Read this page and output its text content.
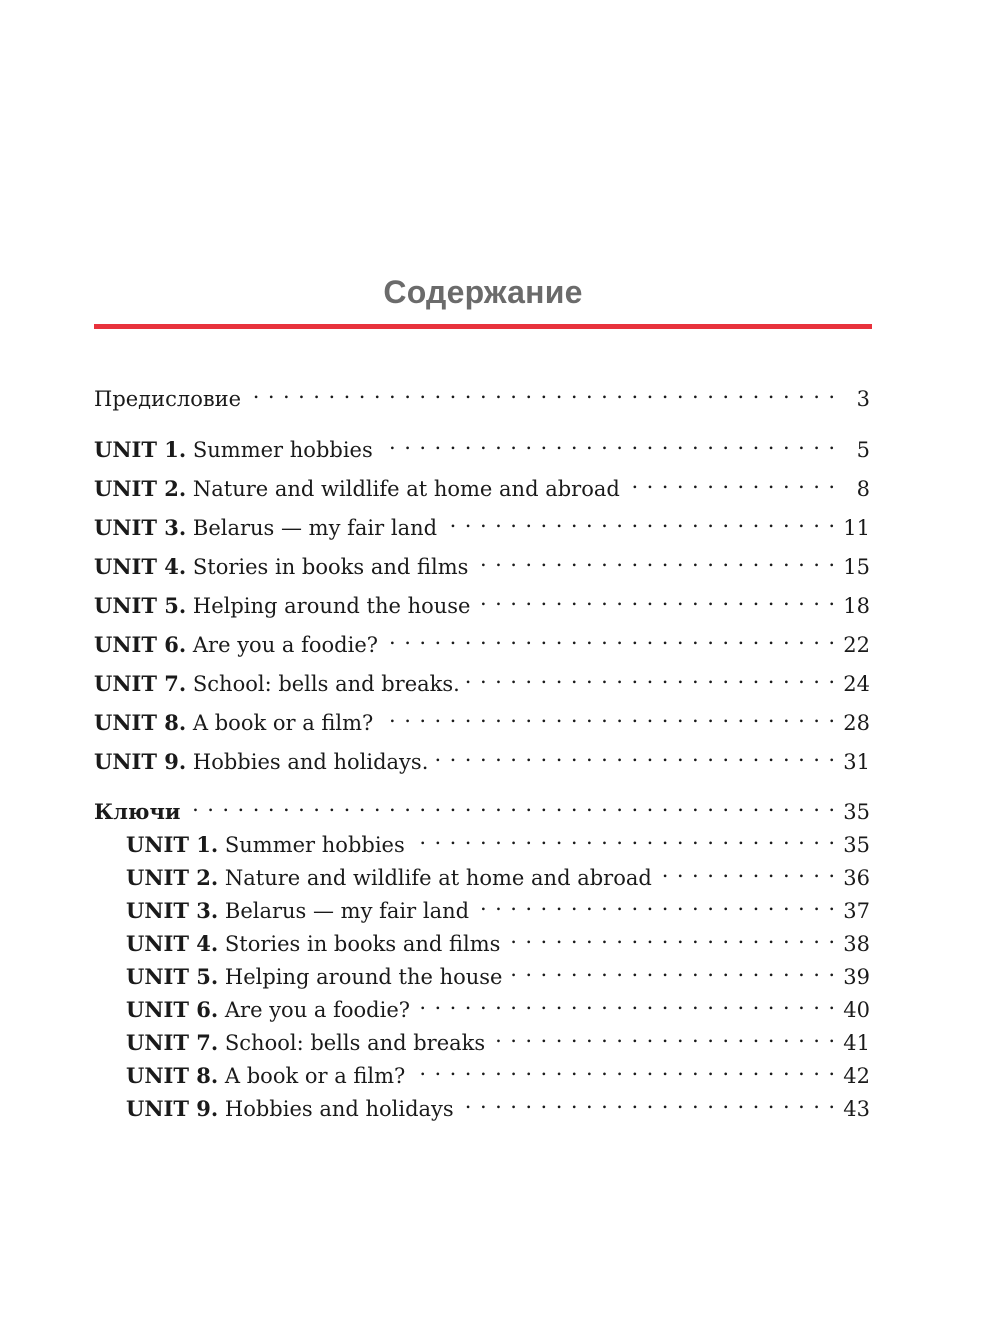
Содержание
Предисловие . . .	3
UNIT 1. Summer hobbies . . .	5
UNIT 2. Nature and wildlife at home and abroad . . .	8
UNIT 3. Belarus — my fair land . . .	11
UNIT 4. Stories in books and films . . .	15
UNIT 5. Helping around the house . . .	18
UNIT 6. Are you a foodie? . . .	22
UNIT 7. School: bells and breaks. . . .	24
UNIT 8. A book or a film? . . .	28
UNIT 9. Hobbies and holidays. . . .	31
Ключи . . .	35
UNIT 1. Summer hobbies . . .	35
UNIT 2. Nature and wildlife at home and abroad . . .	36
UNIT 3. Belarus — my fair land . . .	37
UNIT 4. Stories in books and films . . .	38
UNIT 5. Helping around the house . . .	39
UNIT 6. Are you a foodie? . . .	40
UNIT 7. School: bells and breaks . . .	41
UNIT 8. A book or a film? . . .	42
UNIT 9. Hobbies and holidays . . .	43
